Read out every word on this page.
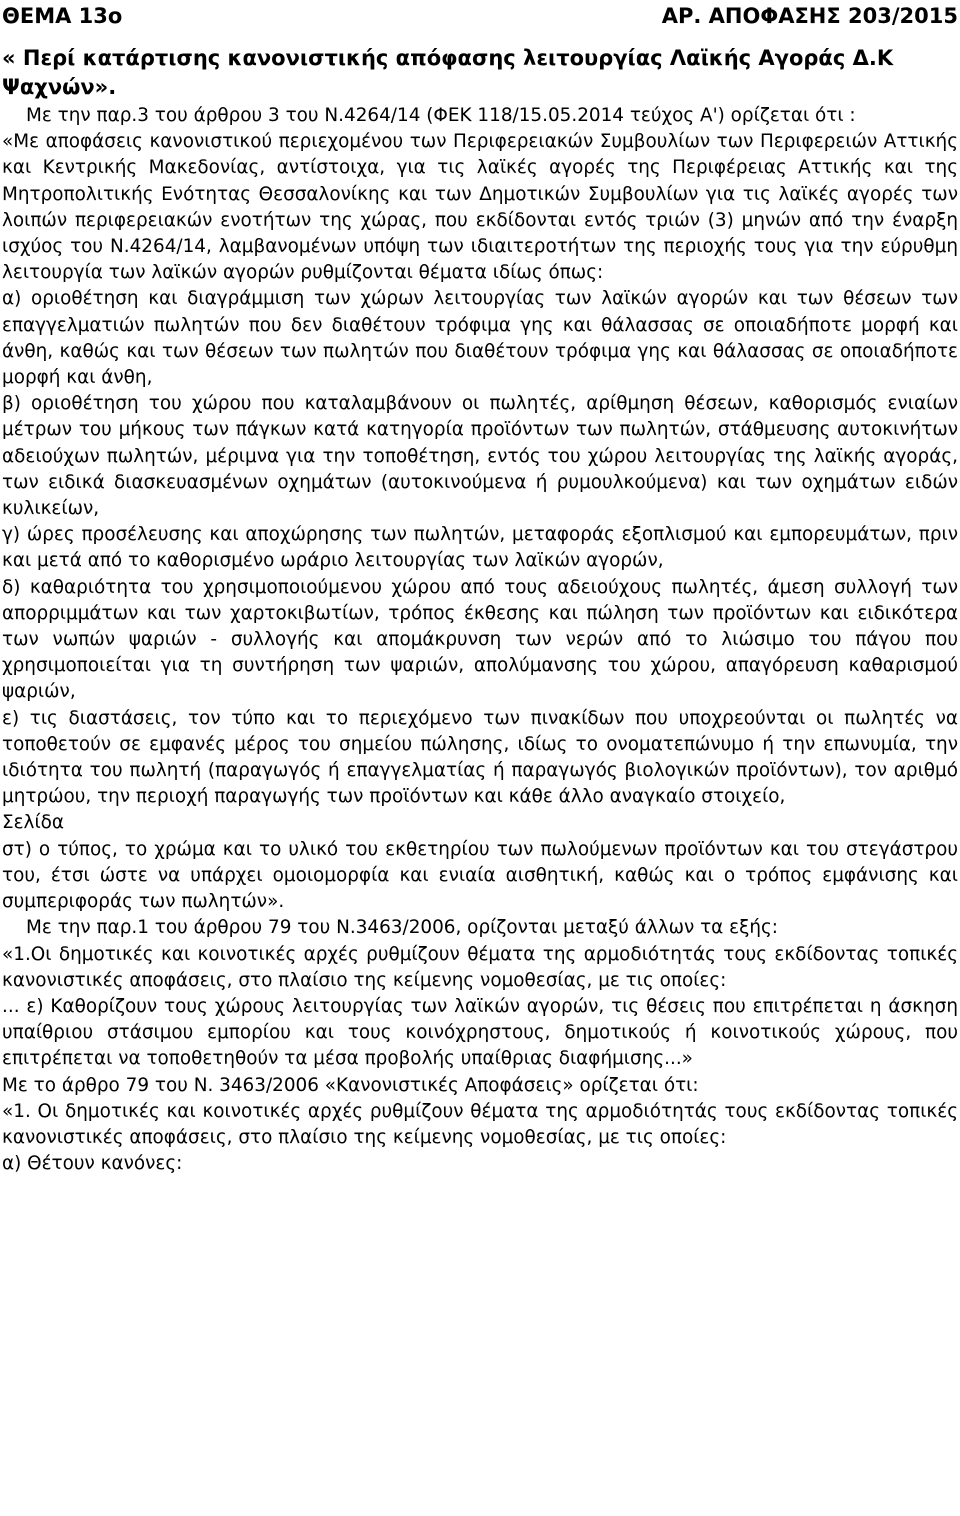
ΘΕΜΑ 13ο	ΑΡ. ΑΠΟΦΑΣΗΣ 203/2015
« Περί κατάρτισης κανονιστικής απόφασης λειτουργίας Λαϊκής Αγοράς Δ.Κ Ψαχνών».

Με την παρ.3 του άρθρου 3 του Ν.4264/14 (ΦΕΚ 118/15.05.2014 τεύχος Α') ορίζεται ότι :

«Με αποφάσεις κανονιστικού περιεχομένου των Περιφερειακών Συμβουλίων των Περιφερειών Αττικής και Κεντρικής Μακεδονίας, αντίστοιχα, για τις λαϊκές αγορές της Περιφέρειας Αττικής και της Μητροπολιτικής Ενότητας Θεσσαλονίκης και των Δημοτικών Συμβουλίων για τις λαϊκές αγορές των λοιπών περιφερειακών ενοτήτων της χώρας, που εκδίδονται εντός τριών (3) μηνών από την έναρξη ισχύος του Ν.4264/14, λαμβανομένων υπόψη των ιδιαιτεροτήτων της περιοχής τους για την εύρυθμη λειτουργία των λαϊκών αγορών ρυθμίζονται θέματα ιδίως όπως:

α) οριοθέτηση και διαγράμμιση των χώρων λειτουργίας των λαϊκών αγορών και των θέσεων των επαγγελματιών πωλητών που δεν διαθέτουν τρόφιμα γης και θάλασσας σε οποιαδήποτε μορφή και άνθη, καθώς και των θέσεων των πωλητών που διαθέτουν τρόφιμα γης και θάλασσας σε οποιαδήποτε μορφή και άνθη,

β) οριοθέτηση του χώρου που καταλαμβάνουν οι πωλητές, αρίθμηση θέσεων, καθορισμός ενιαίων μέτρων του μήκους των πάγκων κατά κατηγορία προϊόντων των πωλητών, στάθμευσης αυτοκινήτων αδειούχων πωλητών, μέριμνα για την τοποθέτηση, εντός του χώρου λειτουργίας της λαϊκής αγοράς, των ειδικά διασκευασμένων οχημάτων (αυτοκινούμενα ή ρυμουλκούμενα) και των οχημάτων ειδών κυλικείων,

γ) ώρες προσέλευσης και αποχώρησης των πωλητών, μεταφοράς εξοπλισμού και εμπορευμάτων, πριν και μετά από το καθορισμένο ωράριο λειτουργίας των λαϊκών αγορών,

δ) καθαριότητα του χρησιμοποιούμενου χώρου από τους αδειούχους πωλητές, άμεση συλλογή των απορριμμάτων και των χαρτοκιβωτίων, τρόπος έκθεσης και πώληση των προϊόντων και ειδικότερα των νωπών ψαριών - συλλογής και απομάκρυνση των νερών από το λιώσιμο του πάγου που χρησιμοποιείται για τη συντήρηση των ψαριών, απολύμανσης του χώρου, απαγόρευση καθαρισμού ψαριών,

ε) τις διαστάσεις, τον τύπο και το περιεχόμενο των πινακίδων που υποχρεούνται οι πωλητές να τοποθετούν σε εμφανές μέρος του σημείου πώλησης, ιδίως το ονοματεπώνυμο ή την επωνυμία, την ιδιότητα του πωλητή (παραγωγός ή επαγγελματίας ή παραγωγός βιολογικών προϊόντων), τον αριθμό μητρώου, την περιοχή παραγωγής των προϊόντων και κάθε άλλο αναγκαίο στοιχείο,

Σελίδα

στ) ο τύπος, το χρώμα και το υλικό του εκθετηρίου των πωλούμενων προϊόντων και του στεγάστρου του, έτσι ώστε να υπάρχει ομοιομορφία και ενιαία αισθητική, καθώς και ο τρόπος εμφάνισης και συμπεριφοράς των πωλητών».

Με την παρ.1 του άρθρου 79 του Ν.3463/2006, ορίζονται μεταξύ άλλων τα εξής:

«1.Οι δημοτικές και κοινοτικές αρχές ρυθμίζουν θέματα της αρμοδιότητάς τους εκδίδοντας τοπικές κανονιστικές αποφάσεις, στο πλαίσιο της κείμενης νομοθεσίας, με τις οποίες:

... ε) Καθορίζουν τους χώρους λειτουργίας των λαϊκών αγορών, τις θέσεις που επιτρέπεται η άσκηση υπαίθριου στάσιμου εμπορίου και τους κοινόχρηστους, δημοτικούς ή κοινοτικούς χώρους, που επιτρέπεται να τοποθετηθούν τα μέσα προβολής υπαίθριας διαφήμισης...»

Με το άρθρο 79 του Ν. 3463/2006 «Κανονιστικές Αποφάσεις» ορίζεται ότι:

«1. Οι δημοτικές και κοινοτικές αρχές ρυθμίζουν θέματα της αρμοδιότητάς τους εκδίδοντας τοπικές κανονιστικές αποφάσεις, στο πλαίσιο της κείμενης νομοθεσίας, με τις οποίες:

α) Θέτουν κανόνες:
